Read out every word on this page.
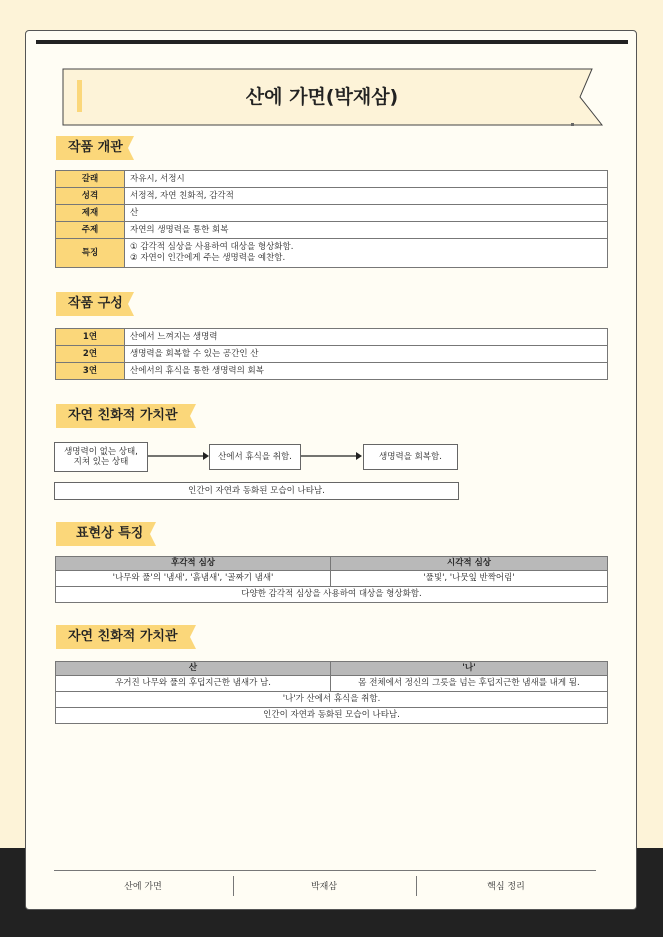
산에 가면(박재삼)
작품 개관
갈래	자유시, 서정시
성격	서정적, 자연 친화적, 감각적
제재	산
주제	자연의 생명력을 통한 회복
특징	① 감각적 심상을 사용하여 대상을 형상화함.
② 자연이 인간에게 주는 생명력을 예찬함.
작품 구성
1연	산에서 느껴지는 생명력
2연	생명력을 회복할 수 있는 공간인 산
3연	산에서의 휴식을 통한 생명력의 회복
자연 친화적 가치관
생명력이 없는 상태,
지쳐 있는 상태
산에서 휴식을 취함.	생명력을 회복함.
인간이 자연과 동화된 모습이 나타남.
표현상 특징
후각적 심상	시각적 심상
'나무와 풀'의 '냄새', '흙냄새', '골짜기 냄새'	'풀빛', '나뭇잎 반짝어림'
다양한 감각적 심상을 사용하여 대상을 형상화함.	
자연 친화적 가치관
산	'나'
우거진 나무와 풀의 후덥지근한 냄새가 남.	몸 전체에서 정신의 그릇을 넘는 후덥지근한 냄새를 내게 됨.
'나'가 산에서 휴식을 취함.	
인간이 자연과 동화된 모습이 나타남.	
산에 가면	박재삼	핵심 정리
